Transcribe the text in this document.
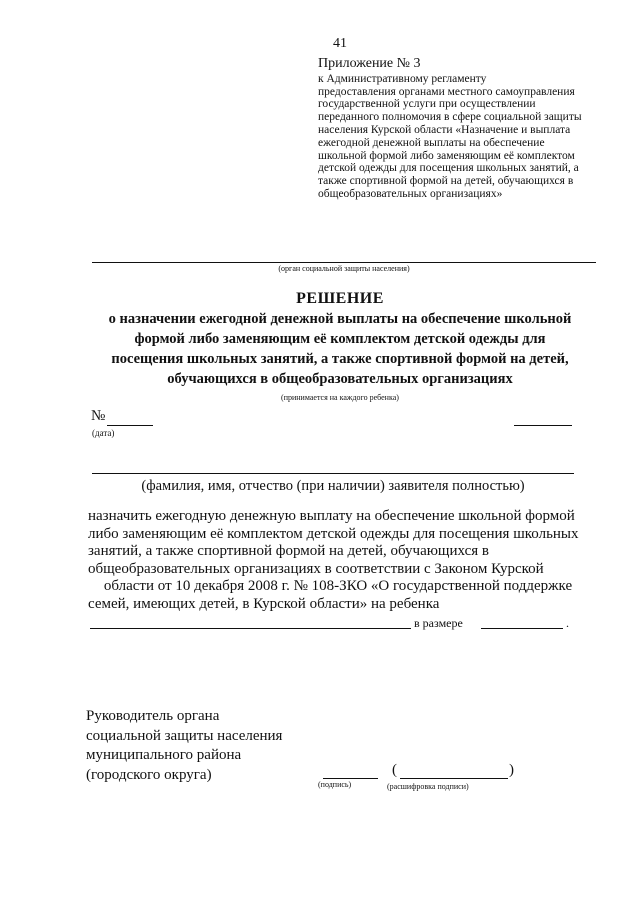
41
Приложение № 3
к Административному регламенту
предоставления органами местного самоуправления
государственной услуги при осуществлении
переданного полномочия в сфере социальной защиты
населения Курской области «Назначение и выплата
ежегодной денежной выплаты на обеспечение
школьной формой либо заменяющим её комплектом
детской одежды для посещения школьных занятий, а
также спортивной формой на детей, обучающихся в
общеобразовательных организациях»
(орган социальной защиты населения)
РЕШЕНИЕ
о назначении ежегодной денежной выплаты на обеспечение школьной
формой либо заменяющим её комплектом детской одежды для
посещения школьных занятий, а также спортивной формой на детей,
обучающихся в общеобразовательных организациях
(принимается на каждого ребенка)
№
(дата)
(фамилия, имя, отчество (при наличии) заявителя полностью)
назначить ежегодную денежную выплату на обеспечение школьной формой
либо заменяющим её комплектом детской одежды для посещения школьных
занятий, а также спортивной формой на детей, обучающихся в
общеобразовательных организациях в соответствии с Законом Курской
области от 10 декабря 2008 г. № 108-ЗКО «О государственной поддержке
семей, имеющих детей, в Курской области» на ребенка
в размере	.
Руководитель органа
социальной защиты населения
муниципального района
(городского округа)
(подпись)
(	)
(расшифровка подписи)
